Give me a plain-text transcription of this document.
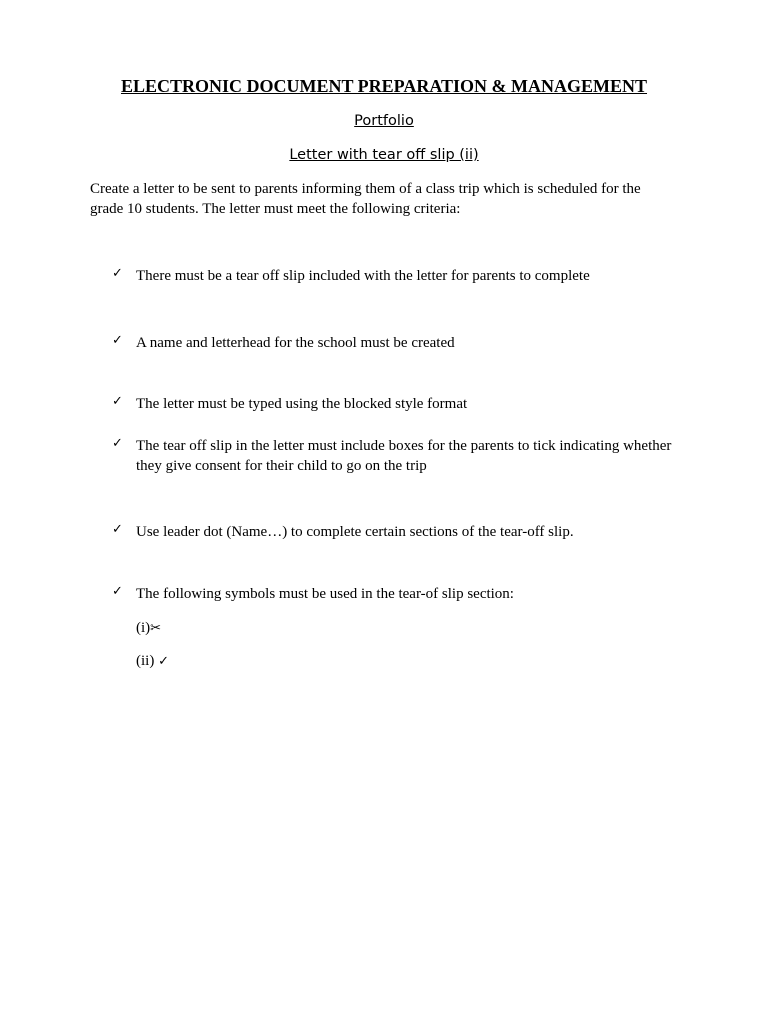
ELECTRONIC DOCUMENT PREPARATION & MANAGEMENT
Portfolio
Letter with tear off slip (ii)
Create a letter to be sent to parents informing them of a class trip which is scheduled for the grade 10 students. The letter must meet the following criteria:
✓ There must be a tear off slip included with the letter for parents to complete
✓ A name and letterhead for the school must be created
✓ The letter must be typed using the blocked style format
✓ The tear off slip in the letter must include boxes for the parents to tick indicating whether they give consent for their child to go on the trip
✓ Use leader dot (Name…) to complete certain sections of the tear-off slip.
✓ The following symbols must be used in the tear-of slip section:
(i)✂
(ii) ✓
